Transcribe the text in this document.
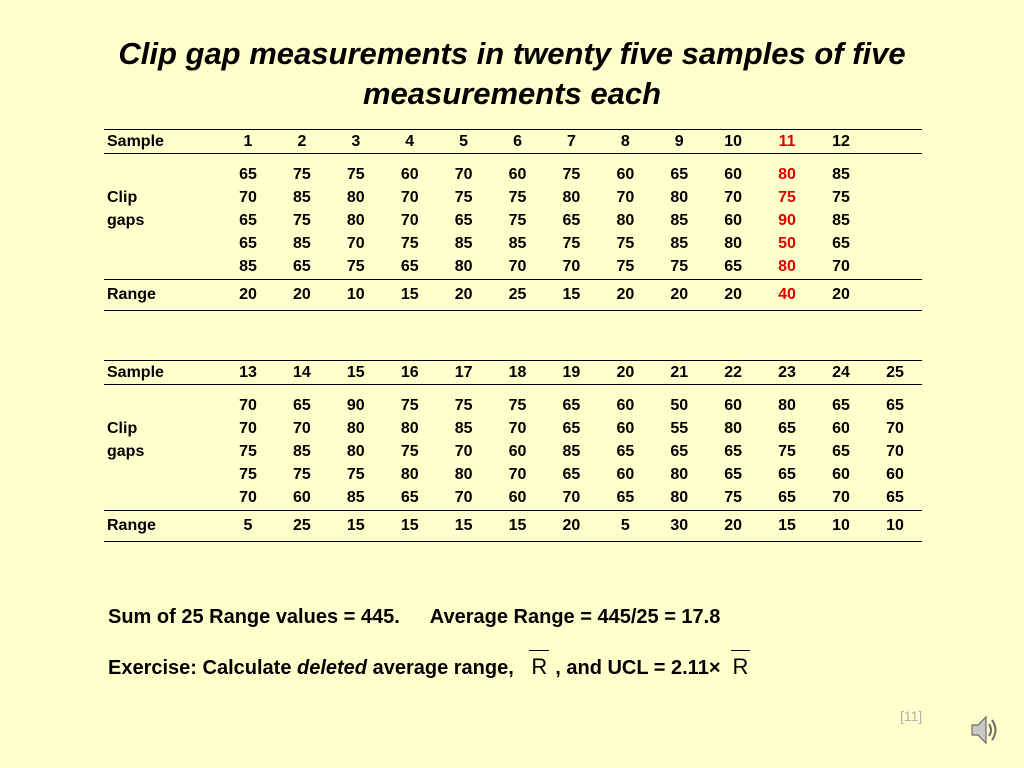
Clip gap measurements in twenty five samples of five measurements each
Sample	1	2	3	4	5	6	7	8	9	10	11	12	
	65	75	75	60	70	60	75	60	65	60	80	85	
Clip	70	85	80	70	75	75	80	70	80	70	75	75	
gaps	65	75	80	70	65	75	65	80	85	60	90	85	
	65	85	70	75	85	85	75	75	85	80	50	65	
	85	65	75	65	80	70	70	75	75	65	80	70	
Range	20	20	10	15	20	25	15	20	20	20	40	20	
Sample	13	14	15	16	17	18	19	20	21	22	23	24	25
	70	65	90	75	75	75	65	60	50	60	80	65	65
Clip	70	70	80	80	85	70	65	60	55	80	65	60	70
gaps	75	85	80	75	70	60	85	65	65	65	75	65	70
	75	75	75	80	80	70	65	60	80	65	65	60	60
	70	60	85	65	70	60	70	65	80	75	65	70	65
Range	5	25	15	15	15	15	20	5	30	20	15	10	10
Sum of 25 Range values = 445. Average Range = 445/25 = 17.8
Exercise: Calculate deleted average range, R , and UCL = 2.11× R
[11]
